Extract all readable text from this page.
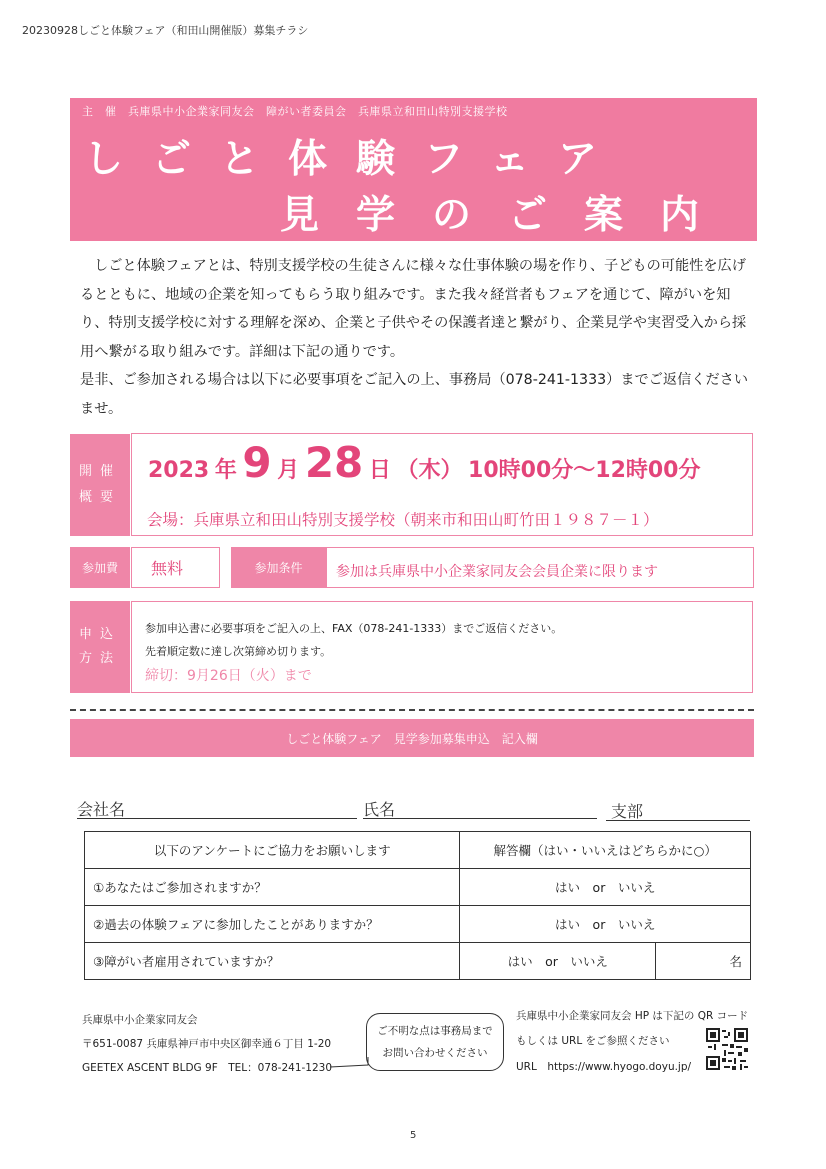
20230928しごと体験フェア（和田山開催版）募集チラシ
主　催　兵庫県中小企業家同友会　障がい者委員会　兵庫県立和田山特別支援学校
しごと体験フェア
見学のご案内

しごと体験フェアとは、特別支援学校の生徒さんに様々な仕事体験の場を作り、子どもの可能性を広げるとともに、地域の企業を知ってもらう取り組みです。また我々経営者もフェアを通じて、障がいを知り、特別支援学校に対する理解を深め、企業と子供やその保護者達と繋がり、企業見学や実習受入から採用へ繋がる取り組みです。詳細は下記の通りです。

是非、ご参加される場合は以下に必要事項をご記入の上、事務局（078-241-1333）までご返信くださいませ。

開催
概要
2023 年 9 月 28 日 （木） 10時00分〜12時00分
会場：兵庫県立和田山特別支援学校（朝来市和田山町竹田１９８７－１）
参加費	無料	参加条件	参加は兵庫県中小企業家同友会会員企業に限ります
申込
方法
参加申込書に必要事項をご記入の上、FAX（078-241-1333）までご返信ください。
先着順定数に達し次第締め切ります。
締切：9月26日（火）まで
しごと体験フェア　見学参加募集申込　記入欄
会社名	氏名	支部
以下のアンケートにご協力をお願いします	解答欄（はい・いいえはどちらかに○）	
①あなたはご参加されますか？	はい　or　いいえ	
②過去の体験フェアに参加したことがありますか？	はい　or　いいえ	
③障がい者雇用されていますか？	はい　or　いいえ	名
兵庫県中小企業家同友会
〒651-0087 兵庫県神戸市中央区御幸通６丁目 1-20
GEETEX ASCENT BLDG 9F　TEL：078-241-1230
ご不明な点は事務局まで
お問い合わせください
兵庫県中小企業家同友会 HP は下記の QR コード
もしくは URL をご参照ください
URL　https://www.hyogo.doyu.jp/
5
